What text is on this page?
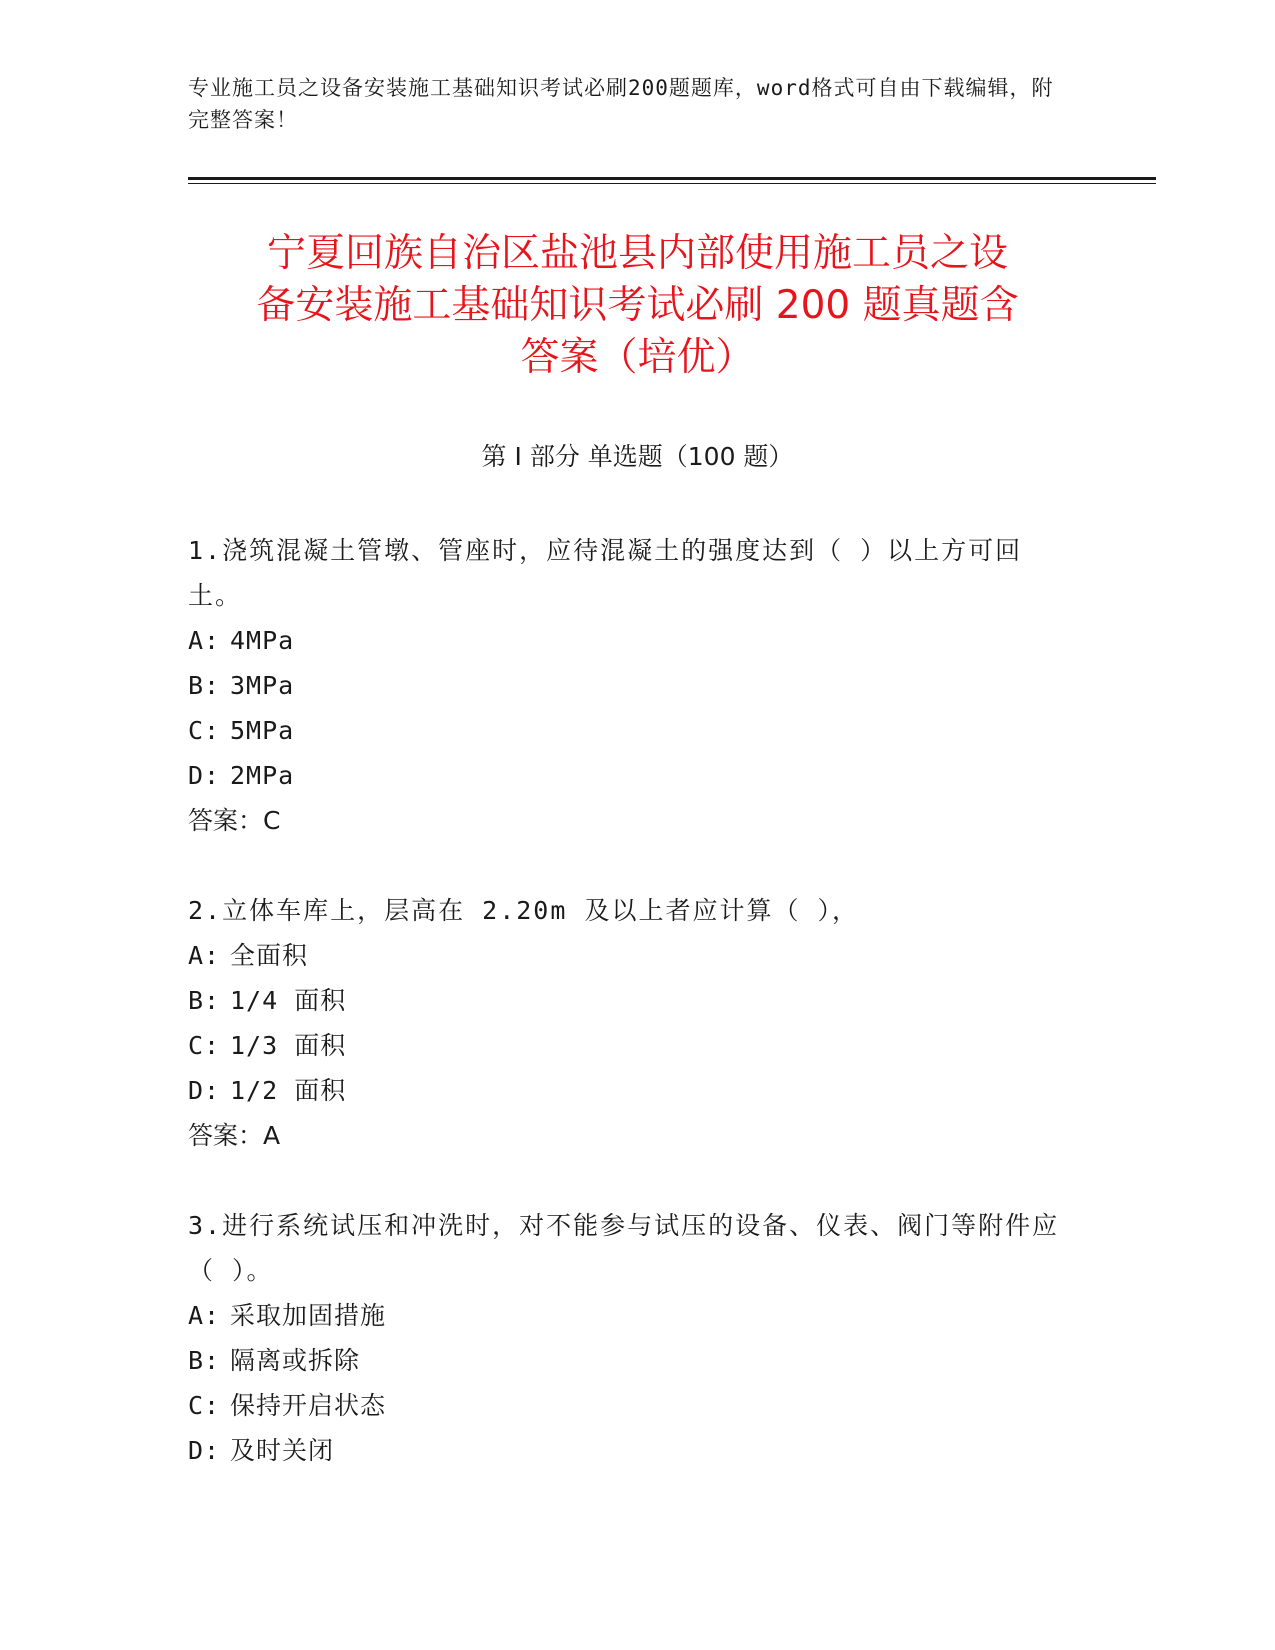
专业施工员之设备安装施工基础知识考试必刷200题题库，word格式可自由下载编辑，附完整答案！
宁夏回族自治区盐池县内部使用施工员之设
备安装施工基础知识考试必刷 200 题真题含
答案（培优）
第 I 部分 单选题（100 题）
1.浇筑混凝土管墩、管座时，应待混凝土的强度达到（ ）以上方可回土。
A: 4MPa
B: 3MPa
C: 5MPa
D: 2MPa
答案：C
2.立体车库上，层高在 2.20m 及以上者应计算（ ），
A: 全面积
B: 1/4 面积
C: 1/3 面积
D: 1/2 面积
答案：A
3.进行系统试压和冲洗时，对不能参与试压的设备、仪表、阀门等附件应（ ）。
A: 采取加固措施
B: 隔离或拆除
C: 保持开启状态
D: 及时关闭
